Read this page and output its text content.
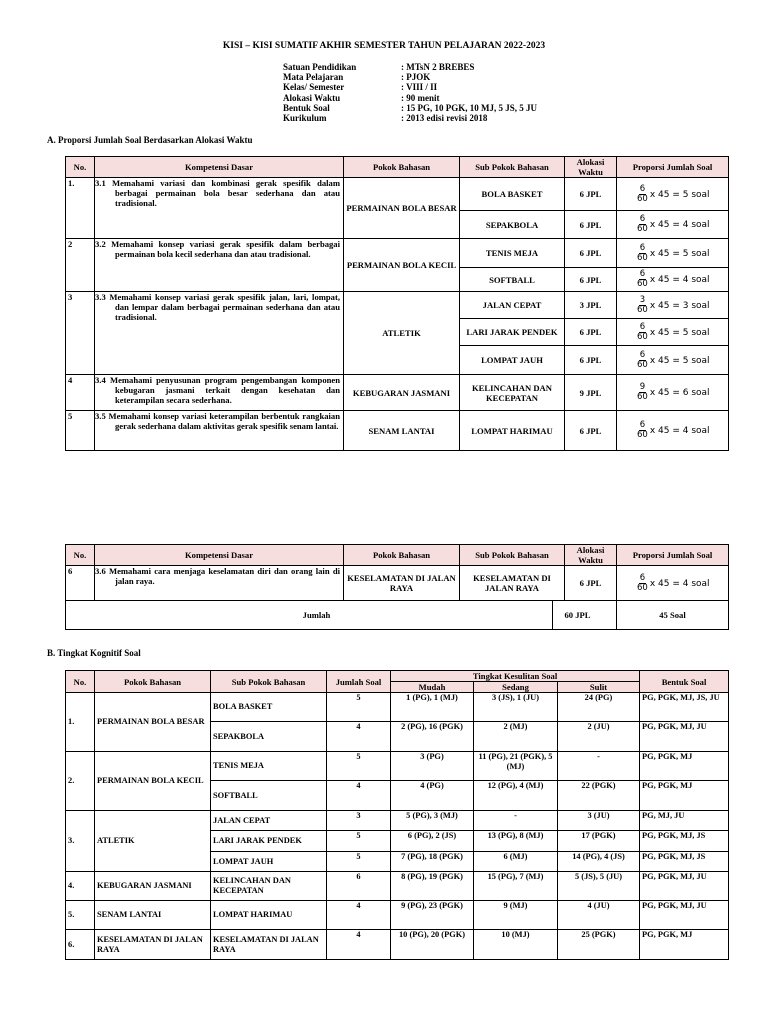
KISI – KISI SUMATIF AKHIR SEMESTER TAHUN PELAJARAN 2022-2023
Satuan Pendidikan	: MTsN 2 BREBES
Mata Pelajaran	: PJOK
Kelas/ Semester	: VIII / II
Alokasi Waktu	: 90 menit
Bentuk Soal	: 15 PG, 10 PGK, 10 MJ, 5 JS, 5 JU
Kurikulum	: 2013 edisi revisi 2018
A. Proporsi Jumlah Soal Berdasarkan Alokasi Waktu
No.	Kompetensi Dasar	Pokok Bahasan	Sub Pokok Bahasan	Alokasi Waktu	Proporsi Jumlah Soal
1.	3.1 Memahami variasi dan kombinasi gerak spesifik dalam berbagai permainan bola besar sederhana dan atau tradisional.	PERMAINAN BOLA BESAR	BOLA BASKET	6 JPL	$\frac{6}{60}$ x 45 = 5 soal
			SEPAKBOLA	6 JPL	$\frac{6}{60}$ x 45 = 4 soal
2	3.2 Memahami konsep variasi gerak spesifik dalam berbagai permainan bola kecil sederhana dan atau tradisional.	PERMAINAN BOLA KECIL	TENIS MEJA	6 JPL	$\frac{6}{60}$ x 45 = 5 soal
			SOFTBALL	6 JPL	$\frac{6}{60}$ x 45 = 4 soal
3	3.3 Memahami konsep variasi gerak spesifik jalan, lari, lompat, dan lempar dalam berbagai permainan sederhana dan atau tradisional.	ATLETIK	JALAN CEPAT	3 JPL	$\frac{3}{60}$ x 45 = 3 soal
			LARI JARAK PENDEK	6 JPL	$\frac{6}{60}$ x 45 = 5 soal
			LOMPAT JAUH	6 JPL	$\frac{6}{60}$ x 45 = 5 soal
4	3.4 Memahami penyusunan program pengembangan komponen kebugaran jasmani terkait dengan kesehatan dan keterampilan secara sederhana.	KEBUGARAN JASMANI	KELINCAHAN DAN KECEPATAN	9 JPL	$\frac{9}{60}$ x 45 = 6 soal
5	3.5 Memahami konsep variasi keterampilan berbentuk rangkaian gerak sederhana dalam aktivitas gerak spesifik senam lantai.	SENAM LANTAI	LOMPAT HARIMAU	6 JPL	$\frac{6}{60}$ x 45 = 4 soal
No.	Kompetensi Dasar	Pokok Bahasan	Sub Pokok Bahasan	Alokasi Waktu	Proporsi Jumlah Soal
6	3.6 Memahami cara menjaga keselamatan diri dan orang lain di jalan raya.	KESELAMATAN DI JALAN RAYA	KESELAMATAN DI JALAN RAYA	6 JPL	$\frac{6}{60}$ x 45 = 4 soal
Jumlah 60 JPL					45 Soal
B. Tingkat Kognitif Soal
No.	Pokok Bahasan	Sub Pokok Bahasan	Jumlah Soal	Tingkat Kesulitan Soal			Bentuk Soal
				Mudah	Sedang	Sulit	
1.	PERMAINAN BOLA BESAR	BOLA BASKET	5	1 (PG), 1 (MJ)	3 (JS), 1 (JU)	24 (PG)	PG, PGK, MJ, JS, JU
		SEPAKBOLA	4	2 (PG), 16 (PGK)	2 (MJ)	2 (JU)	PG, PGK, MJ, JU
2.	PERMAINAN BOLA KECIL	TENIS MEJA	5	3 (PG)	11 (PG), 21 (PGK), 5 (MJ)	-	PG, PGK, MJ
		SOFTBALL	4	4 (PG)	12 (PG), 4 (MJ)	22 (PGK)	PG, PGK, MJ
3.	ATLETIK	JALAN CEPAT	3	5 (PG), 3 (MJ)	-	3 (JU)	PG, MJ, JU
		LARI JARAK PENDEK	5	6 (PG), 2 (JS)	13 (PG), 8 (MJ)	17 (PGK)	PG, PGK, MJ, JS
		LOMPAT JAUH	5	7 (PG), 18 (PGK)	6 (MJ)	14 (PG), 4 (JS)	PG, PGK, MJ, JS
4.	KEBUGARAN JASMANI	KELINCAHAN DAN KECEPATAN	6	8 (PG), 19 (PGK)	15 (PG), 7 (MJ)	5 (JS), 5 (JU)	PG, PGK, MJ, JU
5.	SENAM LANTAI	LOMPAT HARIMAU	4	9 (PG), 23 (PGK)	9 (MJ)	4 (JU)	PG, PGK, MJ, JU
6.	KESELAMATAN DI JALAN RAYA	KESELAMATAN DI JALAN RAYA	4	10 (PG), 20 (PGK)	10 (MJ)	25 (PGK)	PG, PGK, MJ
